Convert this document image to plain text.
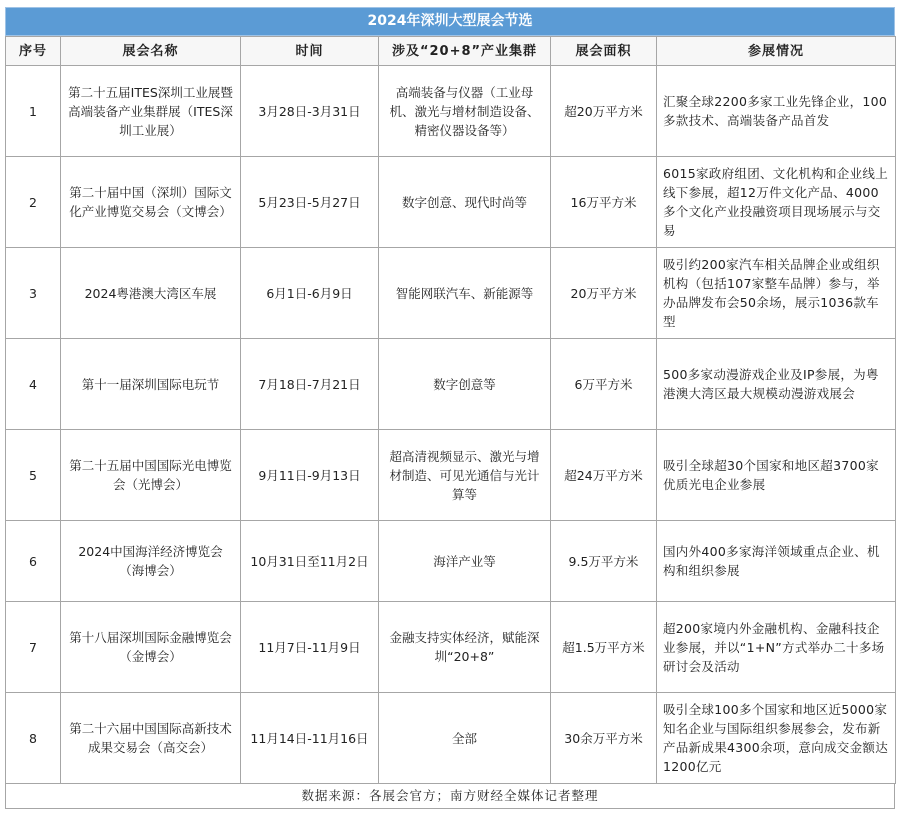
2024年深圳大型展会节选
序号	展会名称	时间	涉及“20+8”产业集群	展会面积	参展情况
1	第二十五届ITES深圳工业展暨高端装备产业集群展（ITES深圳工业展）	3月28日-3月31日	高端装备与仪器（工业母机、激光与增材制造设备、精密仪器设备等）	超20万平方米	汇聚全球2200多家工业先锋企业，100多款技术、高端装备产品首发
2	第二十届中国（深圳）国际文化产业博览交易会（文博会）	5月23日-5月27日	数字创意、现代时尚等	16万平方米	6015家政府组团、文化机构和企业线上线下参展，超12万件文化产品、4000多个文化产业投融资项目现场展示与交易
3	2024粤港澳大湾区车展	6月1日-6月9日	智能网联汽车、新能源等	20万平方米	吸引约200家汽车相关品牌企业或组织机构（包括107家整车品牌）参与，举办品牌发布会50余场，展示1036款车型
4	第十一届深圳国际电玩节	7月18日-7月21日	数字创意等	6万平方米	500多家动漫游戏企业及IP参展，为粤港澳大湾区最大规模动漫游戏展会
5	第二十五届中国国际光电博览会（光博会）	9月11日-9月13日	超高清视频显示、激光与增材制造、可见光通信与光计算等	超24万平方米	吸引全球超30个国家和地区超3700家优质光电企业参展
6	2024中国海洋经济博览会（海博会）	10月31日至11月2日	海洋产业等	9.5万平方米	国内外400多家海洋领域重点企业、机构和组织参展
7	第十八届深圳国际金融博览会（金博会）	11月7日-11月9日	金融支持实体经济，赋能深圳“20+8”	超1.5万平方米	超200家境内外金融机构、金融科技企业参展，并以“1+N”方式举办二十多场研讨会及活动
8	第二十六届中国国际高新技术成果交易会（高交会）	11月14日-11月16日	全部	30余万平方米	吸引全球100多个国家和地区近5000家知名企业与国际组织参展参会，发布新产品新成果4300余项，意向成交金额达1200亿元
数据来源：各展会官方；南方财经全媒体记者整理
